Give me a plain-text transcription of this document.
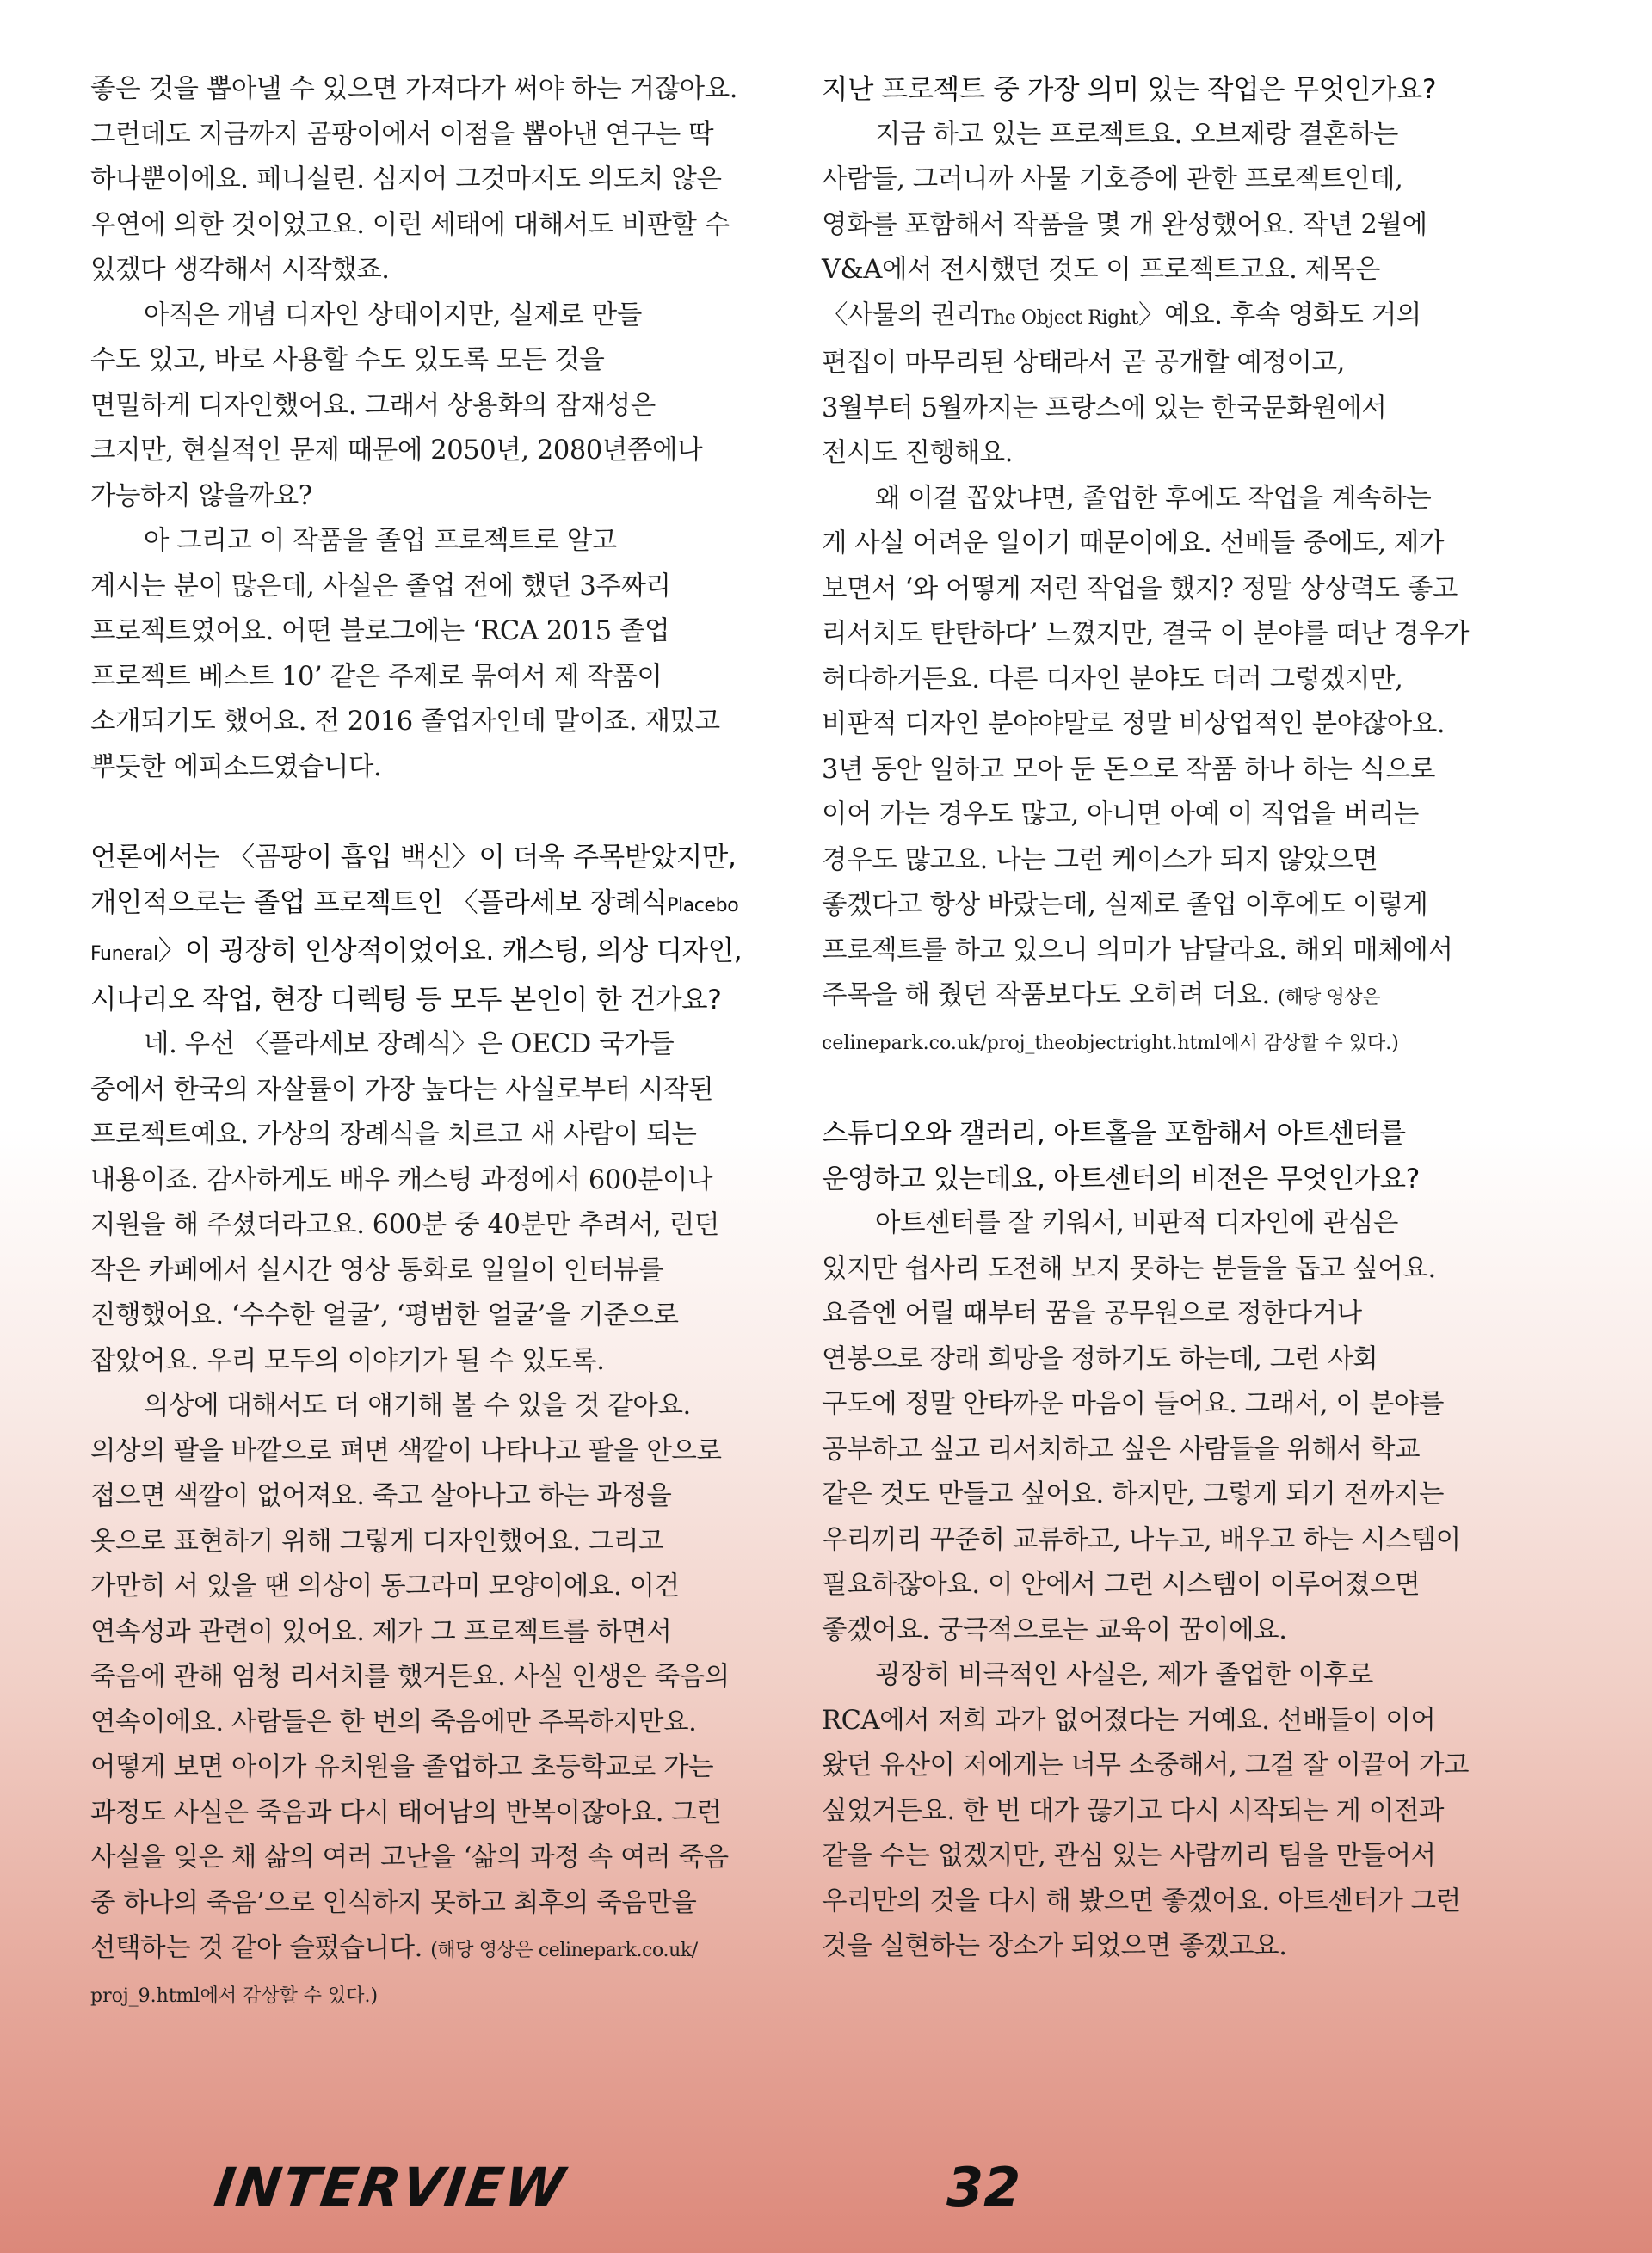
좋은 것을 뽑아낼 수 있으면 가져다가 써야 하는 거잖아요.

그런데도 지금까지 곰팡이에서 이점을 뽑아낸 연구는 딱

하나뿐이에요. 페니실린. 심지어 그것마저도 의도치 않은

우연에 의한 것이었고요. 이런 세태에 대해서도 비판할 수

있겠다 생각해서 시작했죠.

아직은 개념 디자인 상태이지만, 실제로 만들

수도 있고, 바로 사용할 수도 있도록 모든 것을

면밀하게 디자인했어요. 그래서 상용화의 잠재성은

크지만, 현실적인 문제 때문에 2050년, 2080년쯤에나

가능하지 않을까요?

아 그리고 이 작품을 졸업 프로젝트로 알고

계시는 분이 많은데, 사실은 졸업 전에 했던 3주짜리

프로젝트였어요. 어떤 블로그에는 ‘RCA 2015 졸업

프로젝트 베스트 10’ 같은 주제로 묶여서 제 작품이

소개되기도 했어요. 전 2016 졸업자인데 말이죠. 재밌고

뿌듯한 에피소드였습니다.

언론에서는 〈곰팡이 흡입 백신〉이 더욱 주목받았지만,

개인적으로는 졸업 프로젝트인 〈플라세보 장례식Placebo

Funeral〉이 굉장히 인상적이었어요. 캐스팅, 의상 디자인,

시나리오 작업, 현장 디렉팅 등 모두 본인이 한 건가요?

네. 우선 〈플라세보 장례식〉은 OECD 국가들

중에서 한국의 자살률이 가장 높다는 사실로부터 시작된

프로젝트예요. 가상의 장례식을 치르고 새 사람이 되는

내용이죠. 감사하게도 배우 캐스팅 과정에서 600분이나

지원을 해 주셨더라고요. 600분 중 40분만 추려서, 런던

작은 카페에서 실시간 영상 통화로 일일이 인터뷰를

진행했어요. ‘수수한 얼굴’, ‘평범한 얼굴’을 기준으로

잡았어요. 우리 모두의 이야기가 될 수 있도록.

의상에 대해서도 더 얘기해 볼 수 있을 것 같아요.

의상의 팔을 바깥으로 펴면 색깔이 나타나고 팔을 안으로

접으면 색깔이 없어져요. 죽고 살아나고 하는 과정을

옷으로 표현하기 위해 그렇게 디자인했어요. 그리고

가만히 서 있을 땐 의상이 동그라미 모양이에요. 이건

연속성과 관련이 있어요. 제가 그 프로젝트를 하면서

죽음에 관해 엄청 리서치를 했거든요. 사실 인생은 죽음의

연속이에요. 사람들은 한 번의 죽음에만 주목하지만요.

어떻게 보면 아이가 유치원을 졸업하고 초등학교로 가는

과정도 사실은 죽음과 다시 태어남의 반복이잖아요. 그런

사실을 잊은 채 삶의 여러 고난을 ‘삶의 과정 속 여러 죽음

중 하나의 죽음’으로 인식하지 못하고 최후의 죽음만을

선택하는 것 같아 슬펐습니다. (해당 영상은 celinepark.co.uk/

proj_9.html에서 감상할 수 있다.)

지난 프로젝트 중 가장 의미 있는 작업은 무엇인가요?

지금 하고 있는 프로젝트요. 오브제랑 결혼하는

사람들, 그러니까 사물 기호증에 관한 프로젝트인데,

영화를 포함해서 작품을 몇 개 완성했어요. 작년 2월에

V&A에서 전시했던 것도 이 프로젝트고요. 제목은

〈사물의 권리The Object Right〉예요. 후속 영화도 거의

편집이 마무리된 상태라서 곧 공개할 예정이고,

3월부터 5월까지는 프랑스에 있는 한국문화원에서

전시도 진행해요.

왜 이걸 꼽았냐면, 졸업한 후에도 작업을 계속하는

게 사실 어려운 일이기 때문이에요. 선배들 중에도, 제가

보면서 ‘와 어떻게 저런 작업을 했지? 정말 상상력도 좋고

리서치도 탄탄하다’ 느꼈지만, 결국 이 분야를 떠난 경우가

허다하거든요. 다른 디자인 분야도 더러 그렇겠지만,

비판적 디자인 분야야말로 정말 비상업적인 분야잖아요.

3년 동안 일하고 모아 둔 돈으로 작품 하나 하는 식으로

이어 가는 경우도 많고, 아니면 아예 이 직업을 버리는

경우도 많고요. 나는 그런 케이스가 되지 않았으면

좋겠다고 항상 바랐는데, 실제로 졸업 이후에도 이렇게

프로젝트를 하고 있으니 의미가 남달라요. 해외 매체에서

주목을 해 줬던 작품보다도 오히려 더요. (해당 영상은

celinepark.co.uk/proj_theobjectright.html에서 감상할 수 있다.)

스튜디오와 갤러리, 아트홀을 포함해서 아트센터를

운영하고 있는데요, 아트센터의 비전은 무엇인가요?

아트센터를 잘 키워서, 비판적 디자인에 관심은

있지만 쉽사리 도전해 보지 못하는 분들을 돕고 싶어요.

요즘엔 어릴 때부터 꿈을 공무원으로 정한다거나

연봉으로 장래 희망을 정하기도 하는데, 그런 사회

구도에 정말 안타까운 마음이 들어요. 그래서, 이 분야를

공부하고 싶고 리서치하고 싶은 사람들을 위해서 학교

같은 것도 만들고 싶어요. 하지만, 그렇게 되기 전까지는

우리끼리 꾸준히 교류하고, 나누고, 배우고 하는 시스템이

필요하잖아요. 이 안에서 그런 시스템이 이루어졌으면

좋겠어요. 궁극적으로는 교육이 꿈이에요.

굉장히 비극적인 사실은, 제가 졸업한 이후로

RCA에서 저희 과가 없어졌다는 거예요. 선배들이 이어

왔던 유산이 저에게는 너무 소중해서, 그걸 잘 이끌어 가고

싶었거든요. 한 번 대가 끊기고 다시 시작되는 게 이전과

같을 수는 없겠지만, 관심 있는 사람끼리 팀을 만들어서

우리만의 것을 다시 해 봤으면 좋겠어요. 아트센터가 그런

것을 실현하는 장소가 되었으면 좋겠고요.

INTERVIEW	32
